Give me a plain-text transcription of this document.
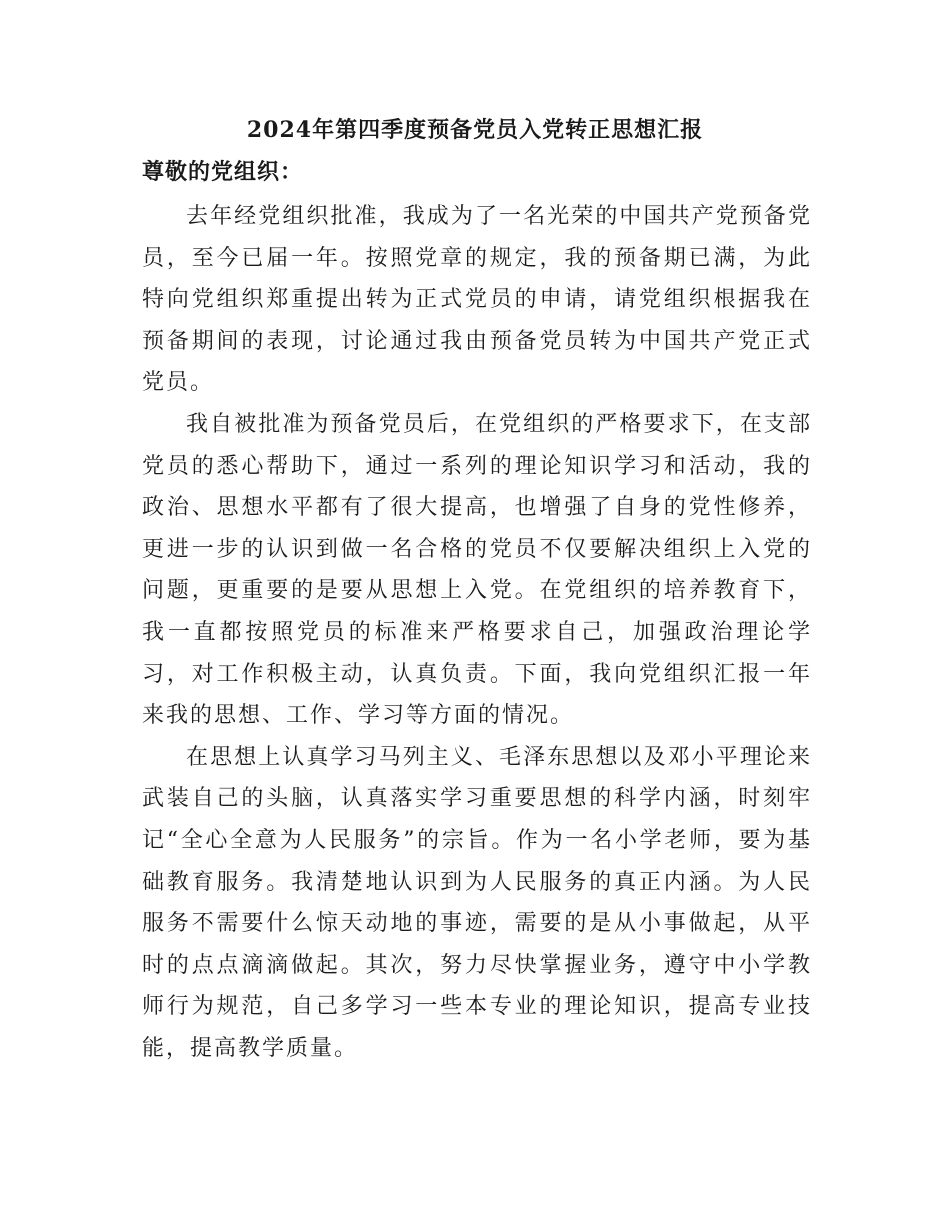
2024年第四季度预备党员入党转正思想汇报
尊敬的党组织：

去年经党组织批准，我成为了一名光荣的中国共产党预备党员，至今已届一年。按照党章的规定，我的预备期已满，为此特向党组织郑重提出转为正式党员的申请，请党组织根据我在预备期间的表现，讨论通过我由预备党员转为中国共产党正式党员。

我自被批准为预备党员后，在党组织的严格要求下，在支部党员的悉心帮助下，通过一系列的理论知识学习和活动，我的政治、思想水平都有了很大提高，也增强了自身的党性修养，更进一步的认识到做一名合格的党员不仅要解决组织上入党的问题，更重要的是要从思想上入党。在党组织的培养教育下，我一直都按照党员的标准来严格要求自己，加强政治理论学习，对工作积极主动，认真负责。下面，我向党组织汇报一年来我的思想、工作、学习等方面的情况。

在思想上认真学习马列主义、毛泽东思想以及邓小平理论来武装自己的头脑，认真落实学习重要思想的科学内涵，时刻牢记“全心全意为人民服务”的宗旨。作为一名小学老师，要为基础教育服务。我清楚地认识到为人民服务的真正内涵。为人民服务不需要什么惊天动地的事迹，需要的是从小事做起，从平时的点点滴滴做起。其次，努力尽快掌握业务，遵守中小学教师行为规范，自己多学习一些本专业的理论知识，提高专业技能，提高教学质量。
